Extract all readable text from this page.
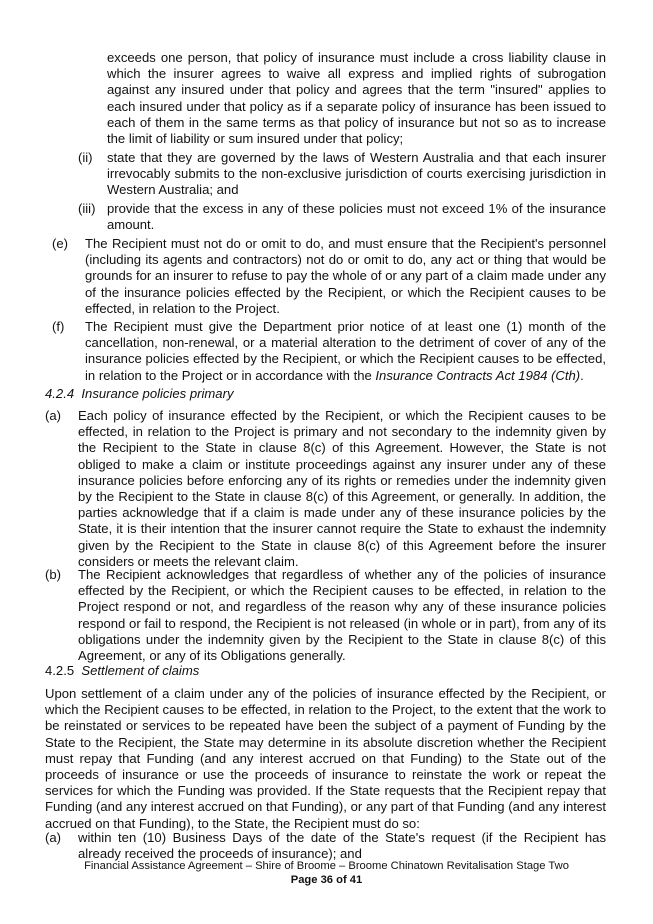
exceeds one person, that policy of insurance must include a cross liability clause in which the insurer agrees to waive all express and implied rights of subrogation against any insured under that policy and agrees that the term "insured" applies to each insured under that policy as if a separate policy of insurance has been issued to each of them in the same terms as that policy of insurance but not so as to increase the limit of liability or sum insured under that policy;

(ii) state that they are governed by the laws of Western Australia and that each insurer irrevocably submits to the non-exclusive jurisdiction of courts exercising jurisdiction in Western Australia; and

(iii) provide that the excess in any of these policies must not exceed 1% of the insurance amount.

(e) The Recipient must not do or omit to do, and must ensure that the Recipient's personnel (including its agents and contractors) not do or omit to do, any act or thing that would be grounds for an insurer to refuse to pay the whole of or any part of a claim made under any of the insurance policies effected by the Recipient, or which the Recipient causes to be effected, in relation to the Project.

(f) The Recipient must give the Department prior notice of at least one (1) month of the cancellation, non-renewal, or a material alteration to the detriment of cover of any of the insurance policies effected by the Recipient, or which the Recipient causes to be effected, in relation to the Project or in accordance with the Insurance Contracts Act 1984 (Cth).

4.2.4 Insurance policies primary

(a) Each policy of insurance effected by the Recipient, or which the Recipient causes to be effected, in relation to the Project is primary and not secondary to the indemnity given by the Recipient to the State in clause 8(c) of this Agreement. However, the State is not obliged to make a claim or institute proceedings against any insurer under any of these insurance policies before enforcing any of its rights or remedies under the indemnity given by the Recipient to the State in clause 8(c) of this Agreement, or generally. In addition, the parties acknowledge that if a claim is made under any of these insurance policies by the State, it is their intention that the insurer cannot require the State to exhaust the indemnity given by the Recipient to the State in clause 8(c) of this Agreement before the insurer considers or meets the relevant claim.

(b) The Recipient acknowledges that regardless of whether any of the policies of insurance effected by the Recipient, or which the Recipient causes to be effected, in relation to the Project respond or not, and regardless of the reason why any of these insurance policies respond or fail to respond, the Recipient is not released (in whole or in part), from any of its obligations under the indemnity given by the Recipient to the State in clause 8(c) of this Agreement, or any of its Obligations generally.

4.2.5 Settlement of claims

Upon settlement of a claim under any of the policies of insurance effected by the Recipient, or which the Recipient causes to be effected, in relation to the Project, to the extent that the work to be reinstated or services to be repeated have been the subject of a payment of Funding by the State to the Recipient, the State may determine in its absolute discretion whether the Recipient must repay that Funding (and any interest accrued on that Funding) to the State out of the proceeds of insurance or use the proceeds of insurance to reinstate the work or repeat the services for which the Funding was provided. If the State requests that the Recipient repay that Funding (and any interest accrued on that Funding), or any part of that Funding (and any interest accrued on that Funding), to the State, the Recipient must do so:

(a) within ten (10) Business Days of the date of the State's request (if the Recipient has already received the proceeds of insurance); and

Financial Assistance Agreement – Shire of Broome – Broome Chinatown Revitalisation Stage Two

Page 36 of 41
